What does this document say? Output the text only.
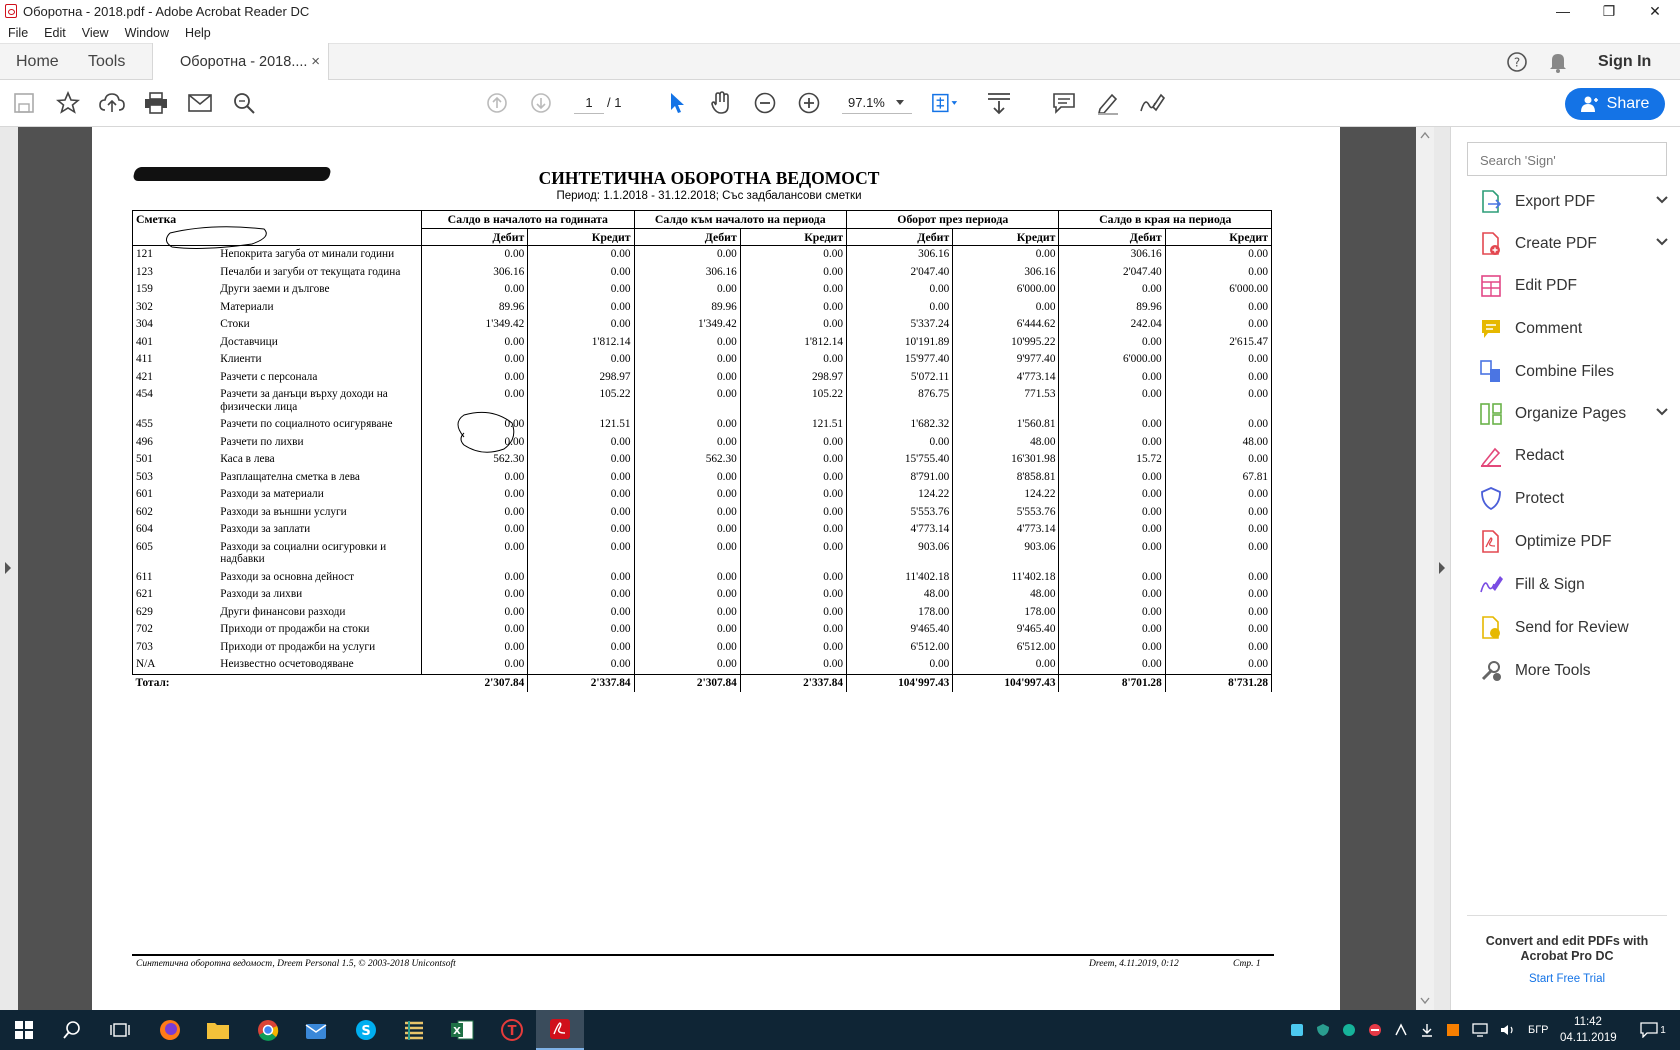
Оборотна - 2018.pdf - Adobe Acrobat Reader DC	—	❐	✕
File	Edit	View	Window	Help
Home Tools	Оборотна - 2018.... ×	?	Sign In
1	/ 1	97.1%	Share
СИНТЕТИЧНА ОБОРОТНА ВЕДОМОСТ
Период: 1.1.2018 - 31.12.2018; Със задбалансови сметки
Сметка		Салдо в началото на годината		Салдо към началото на периода		Оборот през периода		Салдо в края на периода	
		Дебит	Кредит	Дебит	Кредит	Дебит	Кредит	Дебит	Кредит
121	Непокрита загуба от минали години	0.00	0.00	0.00	0.00	306.16	0.00	306.16	0.00
123	Печалби и загуби от текущата година	306.16	0.00	306.16	0.00	2'047.40	306.16	2'047.40	0.00
159	Други заеми и дългове	0.00	0.00	0.00	0.00	0.00	6'000.00	0.00	6'000.00
302	Материали	89.96	0.00	89.96	0.00	0.00	0.00	89.96	0.00
304	Стоки	1'349.42	0.00	1'349.42	0.00	5'337.24	6'444.62	242.04	0.00
401	Доставчици	0.00	1'812.14	0.00	1'812.14	10'191.89	10'995.22	0.00	2'615.47
411	Клиенти	0.00	0.00	0.00	0.00	15'977.40	9'977.40	6'000.00	0.00
421	Разчети с персонала	0.00	298.97	0.00	298.97	5'072.11	4'773.14	0.00	0.00
454	Разчети за данъци върху доходи на физически лица	0.00	105.22	0.00	105.22	876.75	771.53	0.00	0.00
455	Разчети по социалното осигуряване	0.00	121.51	0.00	121.51	1'682.32	1'560.81	0.00	0.00
496	Разчети по лихви	0.00	0.00	0.00	0.00	0.00	48.00	0.00	48.00
501	Каса в лева	562.30	0.00	562.30	0.00	15'755.40	16'301.98	15.72	0.00
503	Разплащателна сметка в лева	0.00	0.00	0.00	0.00	8'791.00	8'858.81	0.00	67.81
601	Разходи за материали	0.00	0.00	0.00	0.00	124.22	124.22	0.00	0.00
602	Разходи за външни услуги	0.00	0.00	0.00	0.00	5'553.76	5'553.76	0.00	0.00
604	Разходи за заплати	0.00	0.00	0.00	0.00	4'773.14	4'773.14	0.00	0.00
605	Разходи за социални осигуровки и надбавки	0.00	0.00	0.00	0.00	903.06	903.06	0.00	0.00
611	Разходи за основна дейност	0.00	0.00	0.00	0.00	11'402.18	11'402.18	0.00	0.00
621	Разходи за лихви	0.00	0.00	0.00	0.00	48.00	48.00	0.00	0.00
629	Други финансови разходи	0.00	0.00	0.00	0.00	178.00	178.00	0.00	0.00
702	Приходи от продажби на стоки	0.00	0.00	0.00	0.00	9'465.40	9'465.40	0.00	0.00
703	Приходи от продажби на услуги	0.00	0.00	0.00	0.00	6'512.00	6'512.00	0.00	0.00
N/A	Неизвестно осчетоводяване	0.00	0.00	0.00	0.00	0.00	0.00	0.00	0.00
Тотал:		2'307.84	2'337.84	2'307.84	2'337.84	104'997.43	104'997.43	8'701.28	8'731.28
Синтетична оборотна ведомост, Dreem Personal 1.5, © 2003-2018 Unicontsoft	Dreem, 4.11.2019, 0:12	Стр. 1
Search 'Sign'
Export PDF
Create PDF
Edit PDF
Comment
Combine Files
Organize Pages
Redact
Protect
Optimize PDF
Fill & Sign
Send for Review
More Tools
Convert and edit PDFs with Acrobat Pro DC
Start Free Trial
S	X	T	БГР
11:42
04.11.2019
1
